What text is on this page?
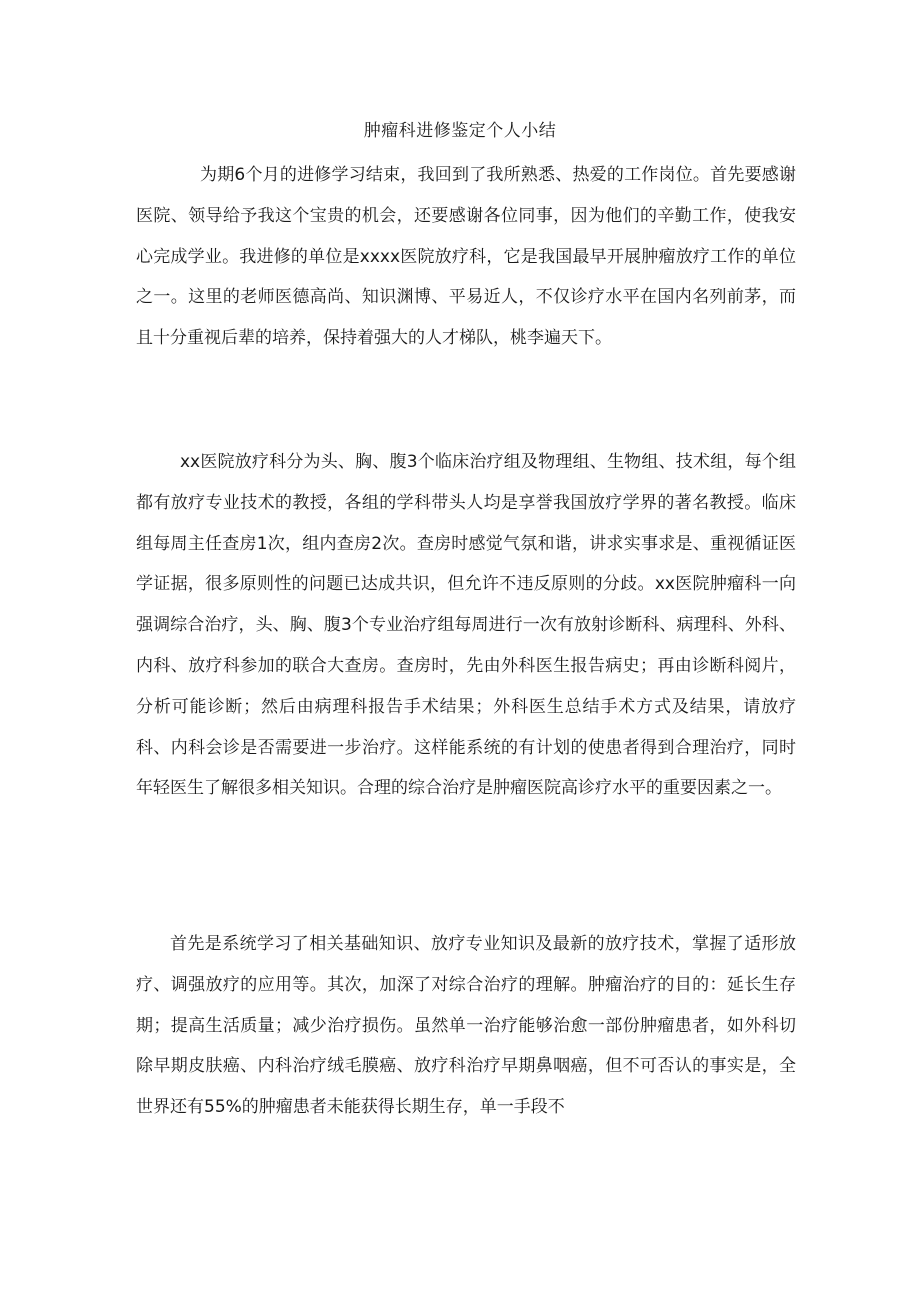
肿瘤科进修鉴定个人小结

为期6个月的进修学习结束，我回到了我所熟悉、热爱的工作岗位。首先要感谢医院、领导给予我这个宝贵的机会，还要感谢各位同事，因为他们的辛勤工作，使我安心完成学业。我进修的单位是xxxx医院放疗科，它是我国最早开展肿瘤放疗工作的单位之一。这里的老师医德高尚、知识渊博、平易近人，不仅诊疗水平在国内名列前茅，而且十分重视后辈的培养，保持着强大的人才梯队，桃李遍天下。

xx医院放疗科分为头、胸、腹3个临床治疗组及物理组、生物组、技术组，每个组都有放疗专业技术的教授，各组的学科带头人均是享誉我国放疗学界的著名教授。临床组每周主任查房1次，组内查房2次。查房时感觉气氛和谐，讲求实事求是、重视循证医学证据，很多原则性的问题已达成共识，但允许不违反原则的分歧。xx医院肿瘤科一向强调综合治疗，头、胸、腹3个专业治疗组每周进行一次有放射诊断科、病理科、外科、内科、放疗科参加的联合大查房。查房时，先由外科医生报告病史；再由诊断科阅片，分析可能诊断；然后由病理科报告手术结果；外科医生总结手术方式及结果，请放疗科、内科会诊是否需要进一步治疗。这样能系统的有计划的使患者得到合理治疗，同时年轻医生了解很多相关知识。合理的综合治疗是肿瘤医院高诊疗水平的重要因素之一。

首先是系统学习了相关基础知识、放疗专业知识及最新的放疗技术，掌握了适形放疗、调强放疗的应用等。其次，加深了对综合治疗的理解。肿瘤治疗的目的：延长生存期；提高生活质量；减少治疗损伤。虽然单一治疗能够治愈一部份肿瘤患者，如外科切除早期皮肤癌、内科治疗绒毛膜癌、放疗科治疗早期鼻咽癌，但不可否认的事实是，全世界还有55%的肿瘤患者未能获得长期生存，单一手段不
